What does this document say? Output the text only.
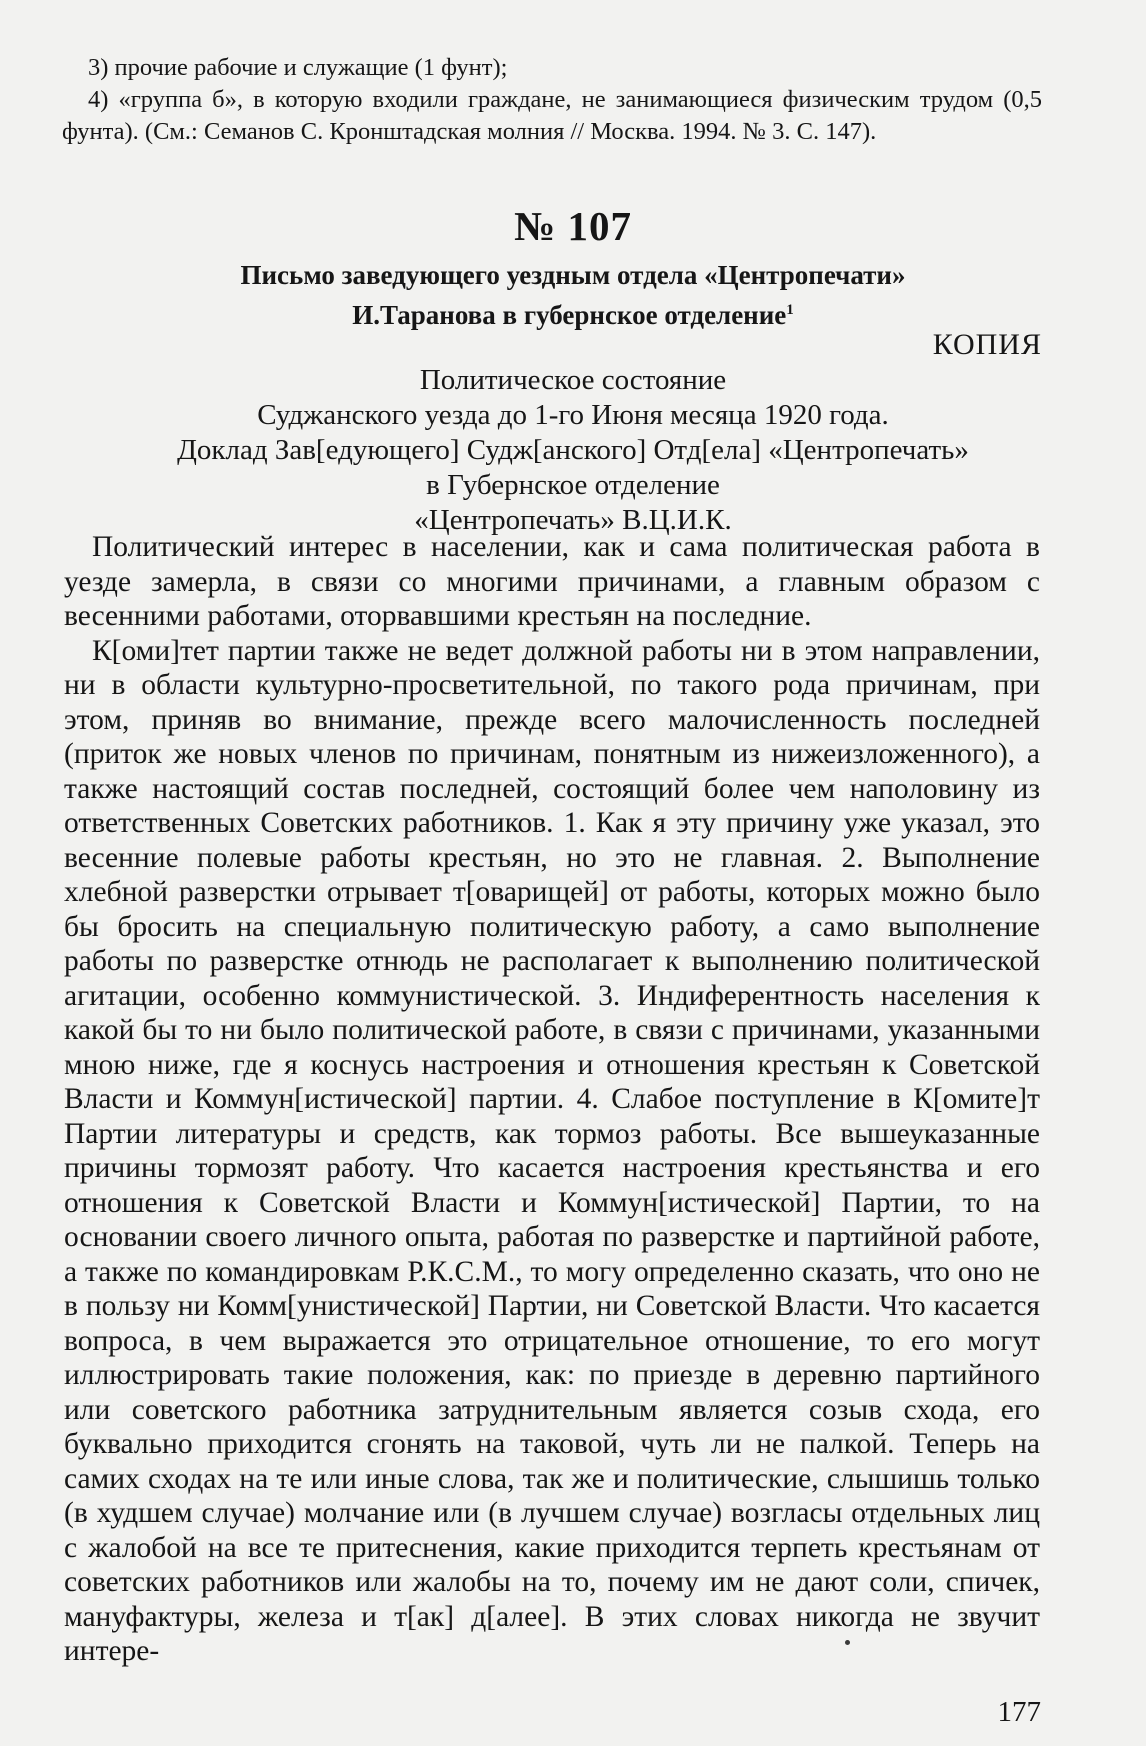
3) прочие рабочие и служащие (1 фунт);

4) «группа б», в которую входили граждане, не занимающиеся физическим трудом (0,5 фунта). (См.: Семанов С. Кронштадская молния // Москва. 1994. № 3. С. 147).

№ 107
Письмо заведующего уездным отдела «Центропечати»
И.Таранова в губернское отделение$^1$
КОПИЯ
Политическое состояние
Суджанского уезда до 1-го Июня месяца 1920 года.
Доклад Зав[едующего] Судж[анского] Отд[ела] «Центропечать»
в Губернское отделение
«Центропечать» В.Ц.И.К.

Политический интерес в населении, как и сама политическая работа в уезде замерла, в связи со многими причинами, а главным образом с весенними работами, оторвавшими крестьян на последние.

К[оми]тет партии также не ведет должной работы ни в этом направлении, ни в области культурно-просветительной, по такого рода причинам, при этом, приняв во внимание, прежде всего малочисленность последней (приток же новых членов по причинам, понятным из нижеизложенного), а также настоящий состав последней, состоящий более чем наполовину из ответственных Советских работников. 1. Как я эту причину уже указал, это весенние полевые работы крестьян, но это не главная. 2. Выполнение хлебной разверстки отрывает т[оварищей] от работы, которых можно было бы бросить на специальную политическую работу, а само выполнение работы по разверстке отнюдь не располагает к выполнению политической агитации, особенно коммунистической. 3. Индиферентность населения к какой бы то ни было политической работе, в связи с причинами, указанными мною ниже, где я коснусь настроения и отношения крестьян к Советской Власти и Коммун[истической] партии. 4. Слабое поступление в К[омите]т Партии литературы и средств, как тормоз работы. Все вышеуказанные причины тормозят работу. Что касается настроения крестьянства и его отношения к Советской Власти и Коммун[истической] Партии, то на основании своего личного опыта, работая по разверстке и партийной работе, а также по командировкам Р.К.С.М., то могу определенно сказать, что оно не в пользу ни Комм[унистической] Партии, ни Советской Власти. Что касается вопроса, в чем выражается это отрицательное отношение, то его могут иллюстрировать такие положения, как: по приезде в деревню партийного или советского работника затруднительным является созыв схода, его буквально приходится сгонять на таковой, чуть ли не палкой. Теперь на самих сходах на те или иные слова, так же и политические, слышишь только (в худшем случае) молчание или (в лучшем случае) возгласы отдельных лиц с жалобой на все те притеснения, какие приходится терпеть крестьянам от советских работников или жалобы на то, почему им не дают соли, спичек, мануфактуры, железа и т[ак] д[алее]. В этих словах никогда не звучит интере-

177
